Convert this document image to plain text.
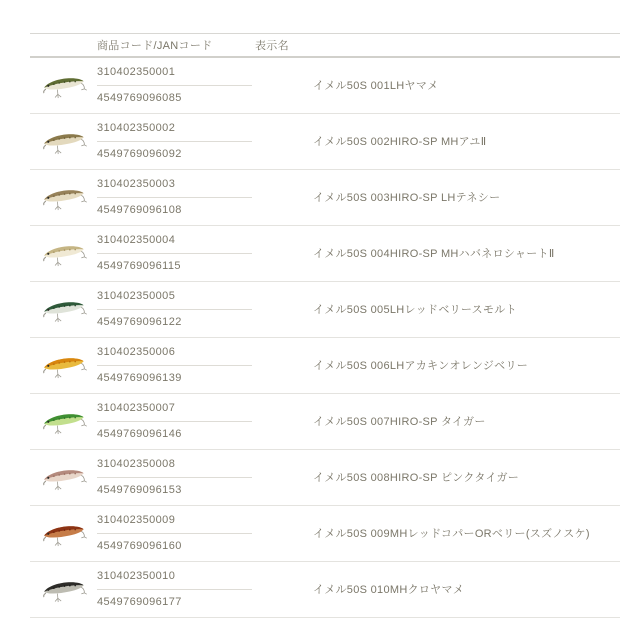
商品コード/JANコード	表示名
310402350001
4549769096085
イメル50S 001LHヤマメ
310402350002
4549769096092
イメル50S 002HIRO-SP MHアユⅡ
310402350003
4549769096108
イメル50S 003HIRO-SP LHテネシー
310402350004
4549769096115
イメル50S 004HIRO-SP MHハバネロシャートⅡ
310402350005
4549769096122
イメル50S 005LHレッドベリースモルト
310402350006
4549769096139
イメル50S 006LHアカキンオレンジベリー
310402350007
4549769096146
イメル50S 007HIRO-SP タイガー
310402350008
4549769096153
イメル50S 008HIRO-SP ピンクタイガー
310402350009
4549769096160
イメル50S 009MHレッドコパーORベリー(スズノスケ)
310402350010
4549769096177
イメル50S 010MHクロヤマメ
